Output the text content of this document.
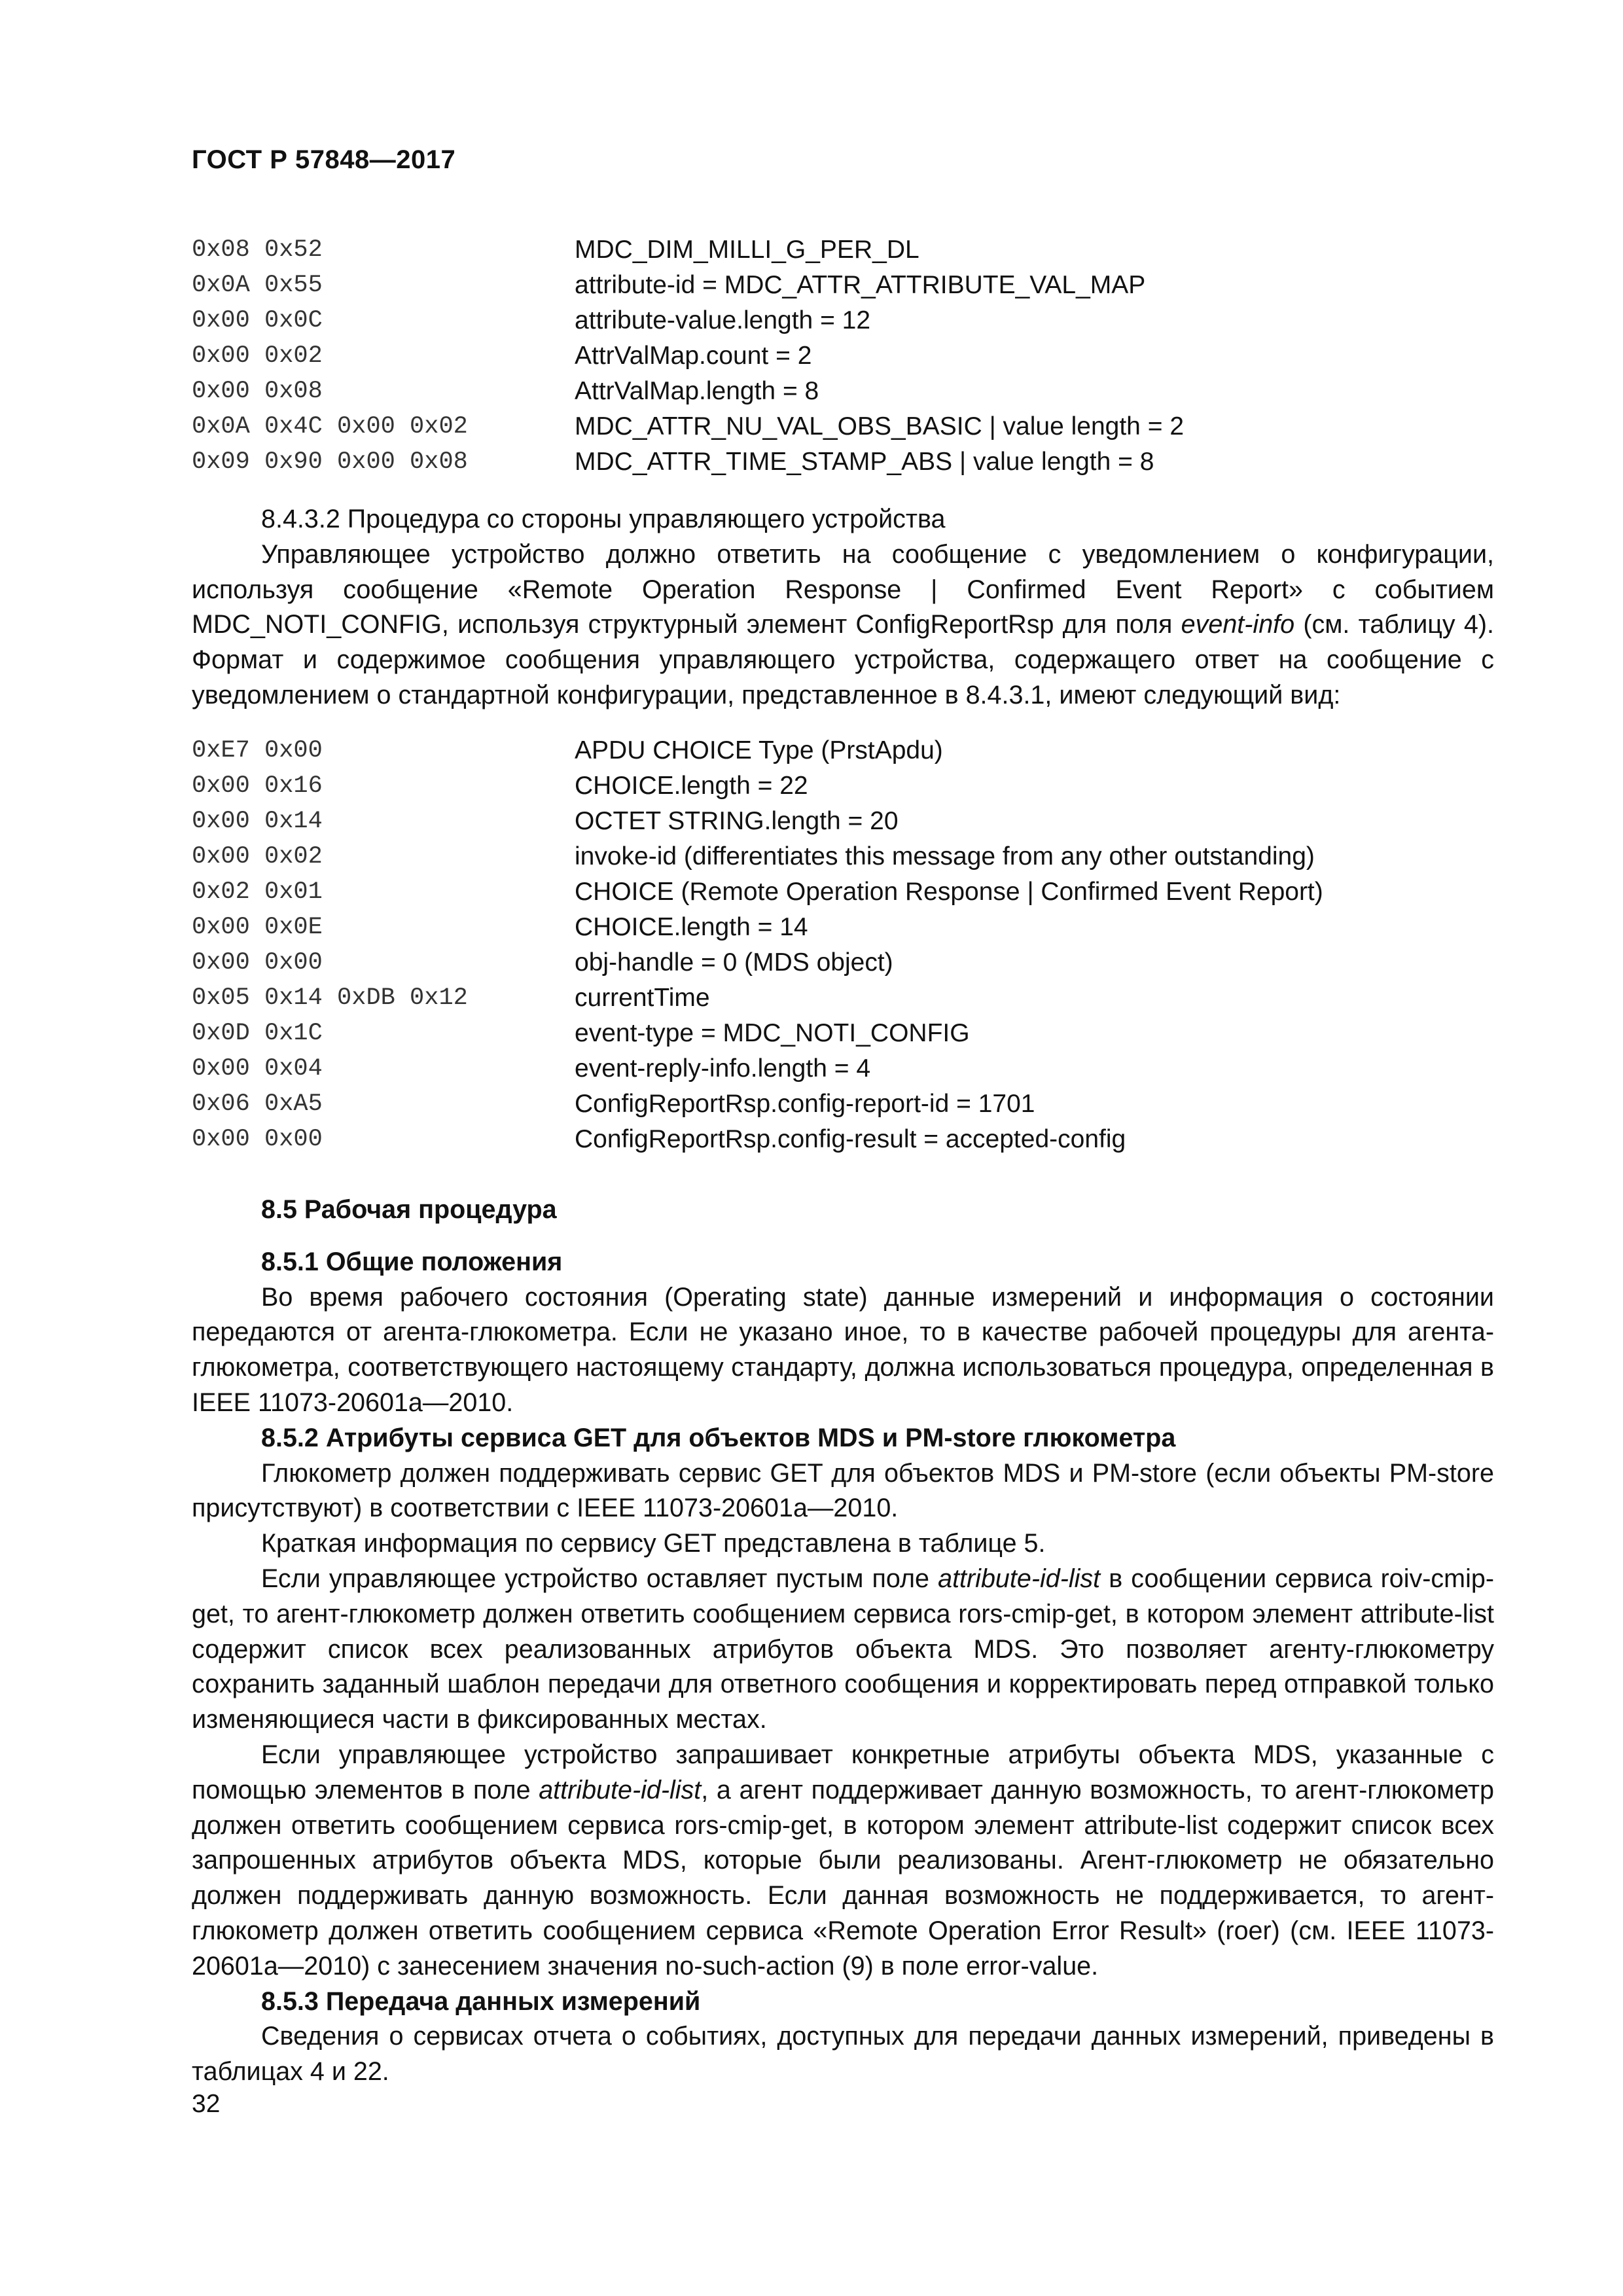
ГОСТ Р 57848—2017
0x08 0x52	MDC_DIM_MILLI_G_PER_DL
0x0A 0x55	attribute-id = MDC_ATTR_ATTRIBUTE_VAL_MAP
0x00 0x0C	attribute-value.length = 12
0x00 0x02	AttrValMap.count = 2
0x00 0x08	AttrValMap.length = 8
0x0A 0x4C 0x00 0x02	MDC_ATTR_NU_VAL_OBS_BASIC | value length = 2
0x09 0x90 0x00 0x08	MDC_ATTR_TIME_STAMP_ABS | value length = 8

8.4.3.2 Процедура со стороны управляющего устройства

Управляющее устройство должно ответить на сообщение с уведомлением о конфигурации, используя сообщение «Remote Operation Response | Confirmed Event Report» с событием MDC_NOTI_CONFIG, используя структурный элемент ConfigReportRsp для поля event-info (см. таблицу 4). Формат и содержимое сообщения управляющего устройства, содержащего ответ на сообщение с уведомлением о стандартной конфигурации, представленное в 8.4.3.1, имеют следующий вид:

0xE7 0x00	APDU CHOICE Type (PrstApdu)
0x00 0x16	CHOICE.length = 22
0x00 0x14	OCTET STRING.length = 20
0x00 0x02	invoke-id (differentiates this message from any other outstanding)
0x02 0x01	CHOICE (Remote Operation Response | Confirmed Event Report)
0x00 0x0E	CHOICE.length = 14
0x00 0x00	obj-handle = 0 (MDS object)
0x05 0x14 0xDB 0x12	currentTime
0x0D 0x1C	event-type = MDC_NOTI_CONFIG
0x00 0x04	event-reply-info.length = 4
0x06 0xA5	ConfigReportRsp.config-report-id = 1701
0x00 0x00	ConfigReportRsp.config-result = accepted-config

8.5 Рабочая процедура

8.5.1 Общие положения

Во время рабочего состояния (Operating state) данные измерений и информация о состоянии передаются от агента-глюкометра. Если не указано иное, то в качестве рабочей процедуры для агента-глюкометра, соответствующего настоящему стандарту, должна использоваться процедура, определенная в IEEE 11073-20601а—2010.

8.5.2 Атрибуты сервиса GET для объектов MDS и PM-store глюкометра

Глюкометр должен поддерживать сервис GET для объектов MDS и PM-store (если объекты PM-store присутствуют) в соответствии с IEEE 11073-20601а—2010.

Краткая информация по сервису GET представлена в таблице 5.

Если управляющее устройство оставляет пустым поле attribute-id-list в сообщении сервиса roiv-cmip-get, то агент-глюкометр должен ответить сообщением сервиса rors-cmip-get, в котором элемент attribute-list содержит список всех реализованных атрибутов объекта MDS. Это позволяет агенту-глюкометру сохранить заданный шаблон передачи для ответного сообщения и корректировать перед отправкой только изменяющиеся части в фиксированных местах.

Если управляющее устройство запрашивает конкретные атрибуты объекта MDS, указанные с помощью элементов в поле attribute-id-list, а агент поддерживает данную возможность, то агент-глюкометр должен ответить сообщением сервиса rors-cmip-get, в котором элемент attribute-list содержит список всех запрошенных атрибутов объекта MDS, которые были реализованы. Агент-глюкометр не обязательно должен поддерживать данную возможность. Если данная возможность не поддерживается, то агент-глюкометр должен ответить сообщением сервиса «Remote Operation Error Result» (roer) (см. IEEE 11073-20601а—2010) с занесением значения no-such-action (9) в поле error-value.

8.5.3 Передача данных измерений

Сведения о сервисах отчета о событиях, доступных для передачи данных измерений, приведены в таблицах 4 и 22.

32
